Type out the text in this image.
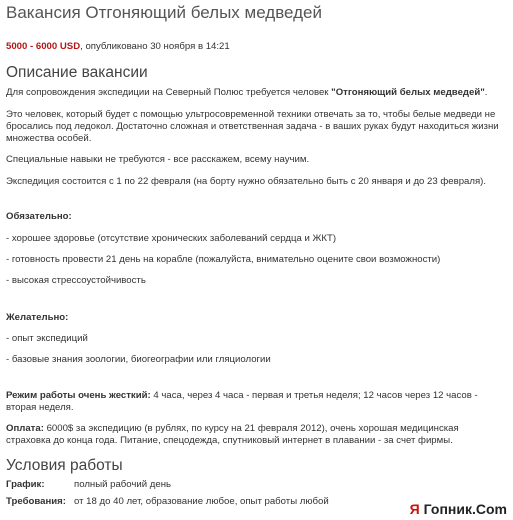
Вакансия Отгоняющий белых медведей
5000 - 6000 USD, опубликовано 30 ноября в 14:21
Описание вакансии
Для сопровождения экспедиции на Северный Полюс требуется человек "Отгоняющий белых медведей".
Это человек, который будет с помощью ультросовременной техники отвечать за то, чтобы белые медведи не бросались под ледокол. Достаточно сложная и ответственная задача - в ваших руках будут находиться жизни множества особей.
Специальные навыки не требуются - все расскажем, всему научим.
Экспедиция состоится с 1 по 22 февраля (на борту нужно обязательно быть с 20 января и до 23 февраля).
Обязательно:
- хорошее здоровье (отсутствие хронических заболеваний сердца и ЖКТ)
- готовность провести 21 день на корабле (пожалуйста, внимательно оцените свои возможности)
- высокая стрессоустойчивость
Желательно:
- опыт экспедиций
- базовые знания зоологии, биогеографии или гляциологии
Режим работы очень жесткий: 4 часа, через 4 часа - первая и третья неделя; 12 часов через 12 часов - вторая неделя.
Оплата: 6000$ за экспедицию (в рублях, по курсу на 21 февраля 2012), очень хорошая медицинская страховка до конца года. Питание, спецодежда, спутниковый интернет в плавании - за счет фирмы.
Условия работы
График:	полный рабочий день
Требования: от 18 до 40 лет, образование любое, опыт работы любой	Я Гопник.Com
